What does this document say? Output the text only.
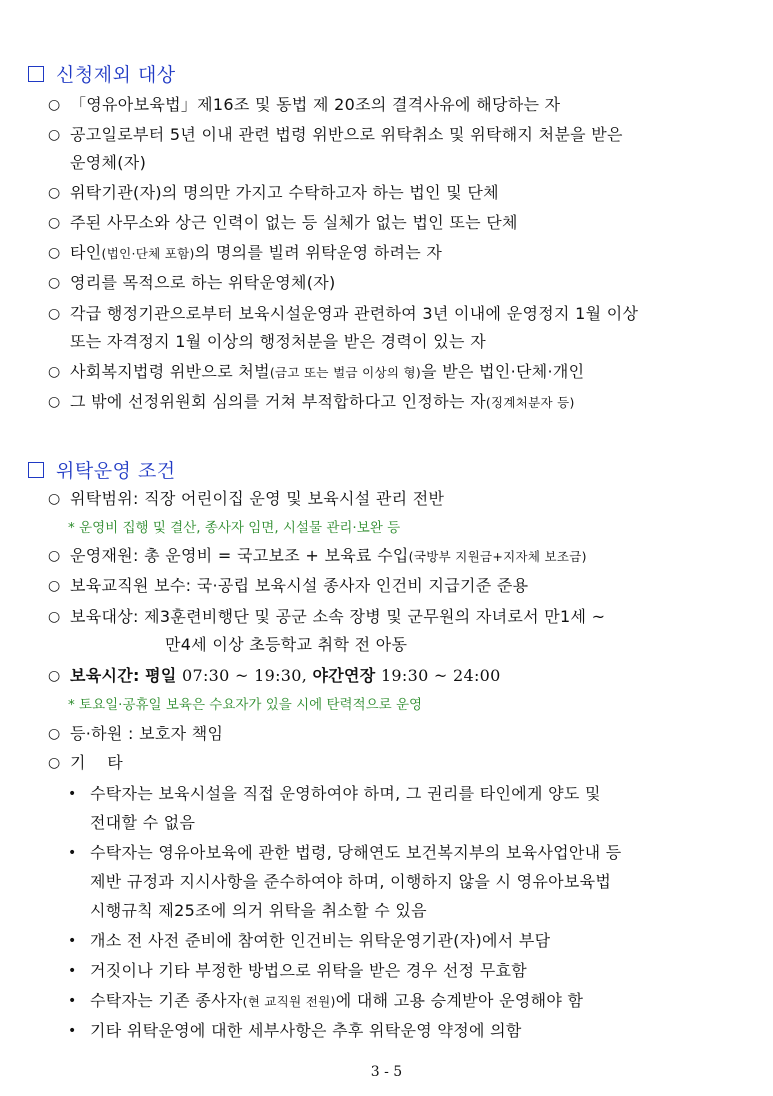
신청제외 대상
○ 「영유아보육법」제16조 및 동법 제 20조의 결격사유에 해당하는 자
○ 공고일로부터 5년 이내 관련 법령 위반으로 위탁취소 및 위탁해지 처분을 받은
운영체(자)
○ 위탁기관(자)의 명의만 가지고 수탁하고자 하는 법인 및 단체
○ 주된 사무소와 상근 인력이 없는 등 실체가 없는 법인 또는 단체
○ 타인(법인·단체 포함)의 명의를 빌려 위탁운영 하려는 자
○ 영리를 목적으로 하는 위탁운영체(자)
○ 각급 행정기관으로부터 보육시설운영과 관련하여 3년 이내에 운영정지 1월 이상
또는 자격정지 1월 이상의 행정처분을 받은 경력이 있는 자
○ 사회복지법령 위반으로 처벌(금고 또는 벌금 이상의 형)을 받은 법인·단체·개인
○ 그 밖에 선정위원회 심의를 거쳐 부적합하다고 인정하는 자(징계처분자 등)
위탁운영 조건
○ 위탁범위: 직장 어린이집 운영 및 보육시설 관리 전반
* 운영비 집행 및 결산, 종사자 임면, 시설물 관리·보완 등
○ 운영재원: 총 운영비 = 국고보조 + 보육료 수입(국방부 지원금+지자체 보조금)
○ 보육교직원 보수: 국·공립 보육시설 종사자 인건비 지급기준 준용
○ 보육대상: 제3훈련비행단 및 공군 소속 장병 및 군무원의 자녀로서 만1세 ~
만4세 이상 초등학교 취학 전 아동
○ 보육시간: 평일 07:30 ~ 19:30, 야간연장 19:30 ~ 24:00
* 토요일·공휴일 보육은 수요자가 있을 시에 탄력적으로 운영
○ 등·하원 : 보호자 책임
○ 기    타
• 수탁자는 보육시설을 직접 운영하여야 하며, 그 권리를 타인에게 양도 및
전대할 수 없음
• 수탁자는 영유아보육에 관한 법령, 당해연도 보건복지부의 보육사업안내 등
제반 규정과 지시사항을 준수하여야 하며, 이행하지 않을 시 영유아보육법
시행규칙 제25조에 의거 위탁을 취소할 수 있음
• 개소 전 사전 준비에 참여한 인건비는 위탁운영기관(자)에서 부담
• 거짓이나 기타 부정한 방법으로 위탁을 받은 경우 선정 무효함
• 수탁자는 기존 종사자(현 교직원 전원)에 대해 고용 승계받아 운영해야 함
• 기타 위탁운영에 대한 세부사항은 추후 위탁운영 약정에 의함
3 - 5
